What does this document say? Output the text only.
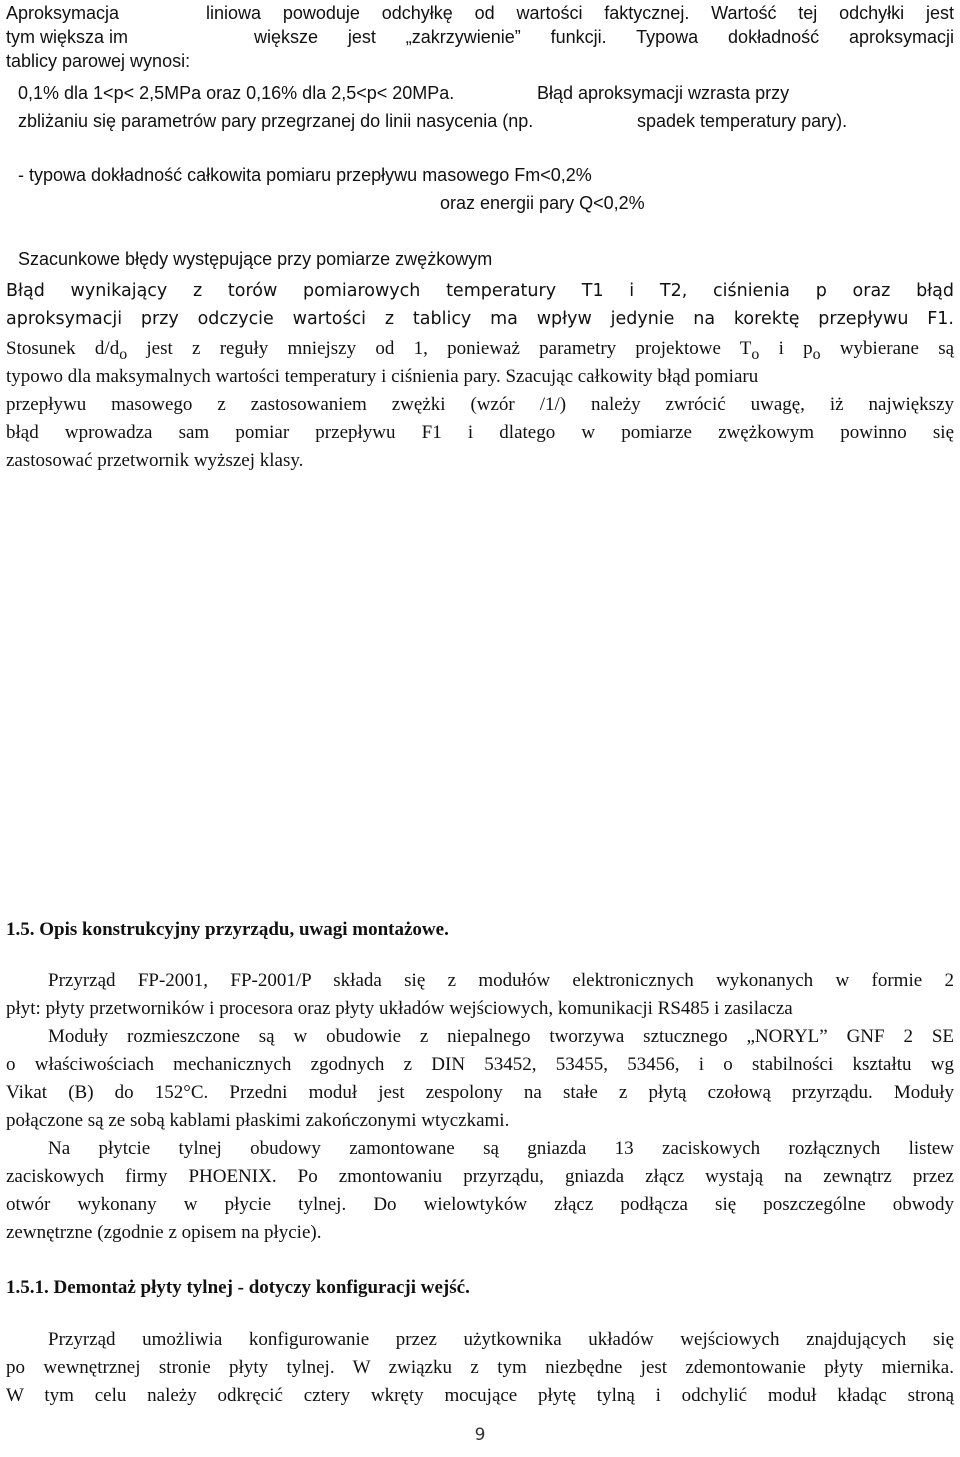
Aproksymacja	liniowa powoduje odchyłkę od wartości faktycznej. Wartość tej odchyłki jest
tym większa im	większe jest „zakrzywienie” funkcji. Typowa dokładność aproksymacji
tablicy parowej wynosi:
0,1% dla 1<p< 2,5MPa oraz 0,16% dla 2,5<p< 20MPa.	Błąd aproksymacji wzrasta przy
zbliżaniu się parametrów pary przegrzanej do linii nasycenia (np.	spadek temperatury pary).
- typowa dokładność całkowita pomiaru przepływu masowego Fm<0,2%
oraz energii pary Q<0,2%
Szacunkowe błędy występujące przy pomiarze zwężkowym
Błąd wynikający z torów pomiarowych temperatury T1 i T2, ciśnienia p oraz błąd
aproksymacji przy odczycie wartości z tablicy ma wpływ jedynie na korektę przepływu F1.
Stosunek $d/d_o$ jest z reguły mniejszy od 1, ponieważ parametry projektowe $T_o$ i $p_o$ wybierane są
typowo dla maksymalnych wartości temperatury i ciśnienia pary. Szacując całkowity błąd pomiaru
przepływu masowego z zastosowaniem zwężki (wzór /1/) należy zwrócić uwagę, iż największy
błąd wprowadza sam pomiar przepływu F1 i dlatego w pomiarze zwężkowym powinno się
zastosować przetwornik wyższej klasy.
1.5. Opis konstrukcyjny przyrządu, uwagi montażowe.
Przyrząd FP-2001, FP-2001/P składa się z modułów elektronicznych wykonanych w formie 2
płyt: płyty przetworników i procesora oraz płyty układów wejściowych, komunikacji RS485 i zasilacza
Moduły rozmieszczone są w obudowie z niepalnego tworzywa sztucznego „NORYL” GNF 2 SE
o właściwościach mechanicznych zgodnych z DIN 53452, 53455, 53456, i o stabilności kształtu wg
Vikat (B) do 152°C. Przedni moduł jest zespolony na stałe z płytą czołową przyrządu. Moduły
połączone są ze sobą kablami płaskimi zakończonymi wtyczkami.
Na płytcie tylnej obudowy zamontowane są gniazda 13 zaciskowych rozłącznych listew
zaciskowych firmy PHOENIX. Po zmontowaniu przyrządu, gniazda złącz wystają na zewnątrz przez
otwór wykonany w płycie tylnej. Do wielowtyków złącz podłącza się poszczególne obwody
zewnętrzne (zgodnie z opisem na płycie).
1.5.1. Demontaż płyty tylnej - dotyczy konfiguracji wejść.
Przyrząd umożliwia konfigurowanie przez użytkownika układów wejściowych znajdujących się
po wewnętrznej stronie płyty tylnej. W związku z tym niezbędne jest zdemontowanie płyty miernika.
W tym celu należy odkręcić cztery wkręty mocujące płytę tylną i odchylić moduł kładąc stroną
9
